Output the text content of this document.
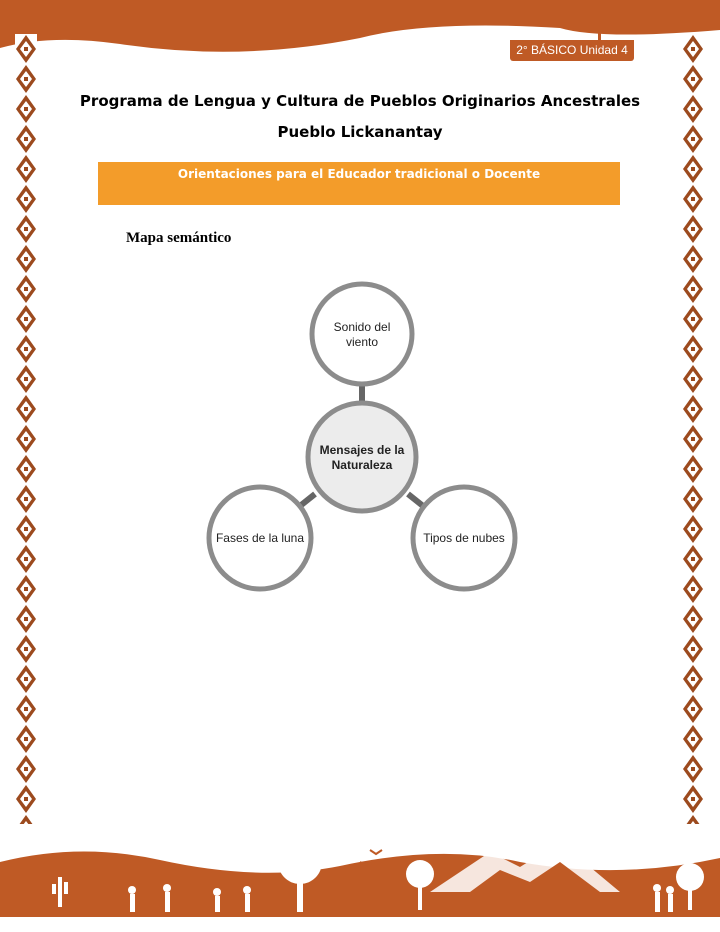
2° BÁSICO Unidad 4
Programa de Lengua y Cultura de Pueblos Originarios Ancestrales
Pueblo Lickanantay
Orientaciones para el Educador tradicional o Docente
Mapa semántico
Sonido del
viento
Mensajes de la
Naturaleza
Fases de la luna	Tipos de nubes
